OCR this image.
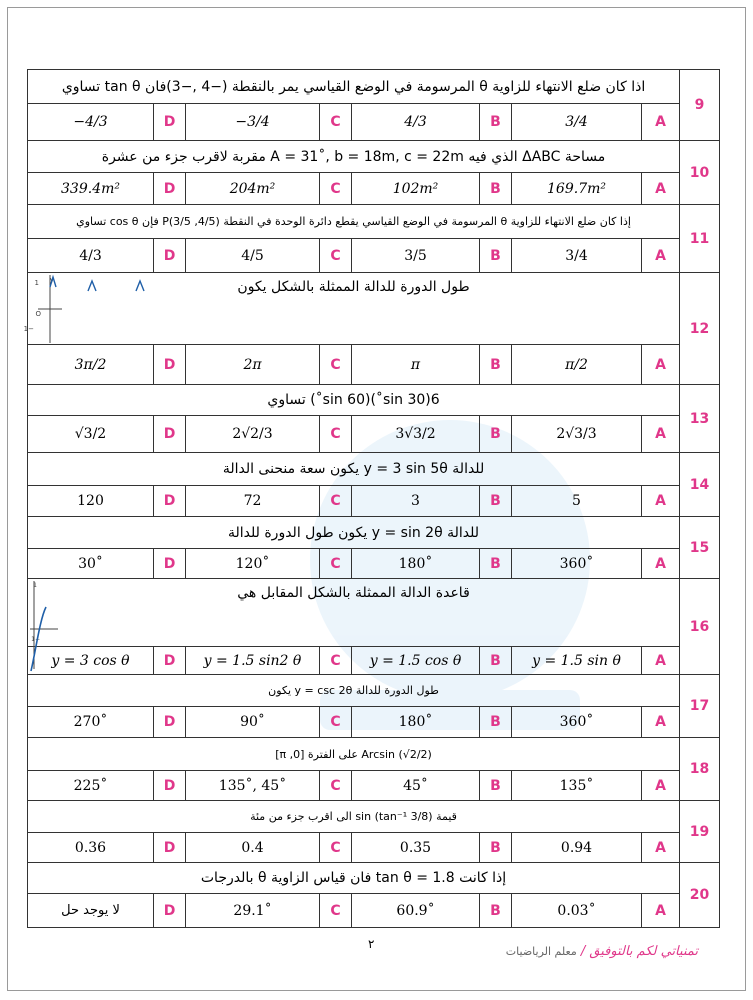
اذا كان ضلع الانتهاء للزاوية θ المرسومة في الوضع القياسي يمر بالنقطة (−4 ,−3)فان tan θ تساوي								9
−4/3	D	−3/4	C	4/3	B	3/4	A	
مساحة ΔABC الذي فيه A = 31˚, b = 18m, c = 22m مقربة لاقرب جزء من عشرة								10
339.4m²	D	204m²	C	102m²	B	169.7m²	A	
إذا كان ضلع الانتهاء للزاوية θ المرسومة في الوضع القياسي يقطع دائرة الوحدة في النقطة P(3/5 ,4/5) فإن cos θ تساوي								11
4/3	D	4/5	C	3/5	B	3/4	A	
طول الدورة للدالة الممثلة بالشكل يكون
y
1
O
−1								12
3π/2	D	2π	C	π	B	π/2	A	
6(sin 30˚)(sin 60˚) تساوي								13
√3/2	D	2√2/3	C	3√3/2	B	2√3/3	A	
للدالة y = 3 sin 5θ يكون سعة منحنى الدالة								14
120	D	72	C	3	B	5	A	
للدالة y = sin 2θ يكون طول الدورة للدالة								15
30˚	D	120˚	C	180˚	B	360˚	A	
قاعدة الدالة الممثلة بالشكل المقابل هي
1
−1								16
y = 3 cos θ	D	y = 1.5 sin2 θ	C	y = 1.5 cos θ	B	y = 1.5 sin θ	A	
طول الدورة للدالة y = csc 2θ يكون								17
270˚	D	90˚	C	180˚	B	360˚	A	
Arcsin (√2/2) على الفترة [0, π]								18
225˚	D	135˚, 45˚	C	45˚	B	135˚	A	
قيمة sin (tan⁻¹ 3/8) الى اقرب جزء من مئة								19
0.36	D	0.4	C	0.35	B	0.94	A	
إذا كانت tan θ = 1.8 فان قياس الزاوية θ بالدرجات								20
لا يوجد حل	D	29.1˚	C	60.9˚	B	0.03˚	A	
٢	تمنياتي لكم بالتوفيق / معلم الرياضيات
